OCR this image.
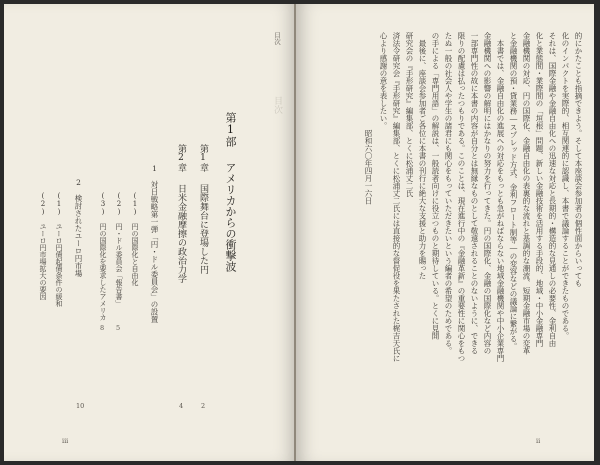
目次
目次
第1部
アメリカからの衝撃波
第1章
国際舞台に登場した円
2
第2章
日米金融摩擦の政治力学
4
1　対日戦略第一弾「円・ドル委員会」の設置
(1)　円の国際化と自由化
(2)　円・ドル委員会「報告書」
(3)　円の国際化を要求したアメリカ
5
8
2　検討されたユーロ円市場
(1)　ユーロ円債起債条件の緩和
(2)　ユーロ円市場拡大の要因
10
iii
的にかたことも指摘できよう。そして本座談会参加者の個性面からいっても
化のインパクトを実際的、相互関連的に認識し、本書で議論することができたものである。
それは、国際金融や金融自由化への迅速な対応と長期的・構造的な見通しの必要性、金利自由
化と業態間・業際間の「垣根」問題、新しい金融技術を活用する手段的、地域・中小金融専門
金融機関の対応、円の国際化、金融自由化の表裏的な流れと基調的な潮流、短期金融市場の変革
と金融機関の預・貸業務―スプレッド方式、金利フロート制等―の変容などの議論に繋がる。
　本書では、金融自由化の進展への対応をもっとも急がねばならない地域金融機関や中小企業専門
金融機関への影響の解明にはかなりの努力を行ってきた。円の国際化、金融の国際化など内容の
一部専門性の故に本書の内容が自分とは無縁なものとして敬遠されることのないように、できる
限りの配慮は払ったつもりである。このことは、現在進行中の『金融革新』の重要性に関心をもつ
たぬ一般の社会人や学生の諸君にも関心をもっていただきたいという編者の希望のためである。
の手による「専門用語」の解説は、一般読者向けに役立つものと期待している。とくに見開
　最後に、座談会参加者ご各位に本書の刊行に絶大な支援と助力を賜った
研究会の『手形研究』編集部、とくに松浦丈二氏
済法令研究会『手形研究』編集部、とくに松浦丈二氏には直接的な督促役を果たされた梶吉天氏に
心より感謝の意を表したい。
　　　　　　　　　　　　　昭和六〇年四月一六日
ii
